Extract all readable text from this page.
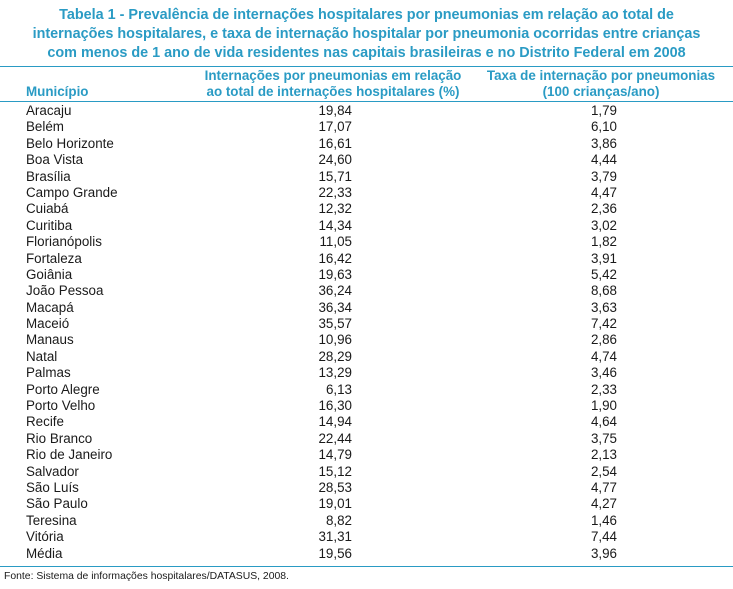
Tabela 1 - Prevalência de internações hospitalares por pneumonias em relação ao total de
internações hospitalares, e taxa de internação hospitalar por pneumonia ocorridas entre crianças
com menos de 1 ano de vida residentes nas capitais brasileiras e no Distrito Federal em 2008
Município
Internações por pneumonias em relação
ao total de internações hospitalares (%)
Taxa de internação por pneumonias
(100 crianças/ano)
Aracaju	19,84	1,79
Belém	17,07	6,10
Belo Horizonte	16,61	3,86
Boa Vista	24,60	4,44
Brasília	15,71	3,79
Campo Grande	22,33	4,47
Cuiabá	12,32	2,36
Curitiba	14,34	3,02
Florianópolis	11,05	1,82
Fortaleza	16,42	3,91
Goiânia	19,63	5,42
João Pessoa	36,24	8,68
Macapá	36,34	3,63
Maceió	35,57	7,42
Manaus	10,96	2,86
Natal	28,29	4,74
Palmas	13,29	3,46
Porto Alegre	6,13	2,33
Porto Velho	16,30	1,90
Recife	14,94	4,64
Rio Branco	22,44	3,75
Rio de Janeiro	14,79	2,13
Salvador	15,12	2,54
São Luís	28,53	4,77
São Paulo	19,01	4,27
Teresina	8,82	1,46
Vitória	31,31	7,44
Média	19,56	3,96
Fonte: Sistema de informações hospitalares/DATASUS, 2008.
